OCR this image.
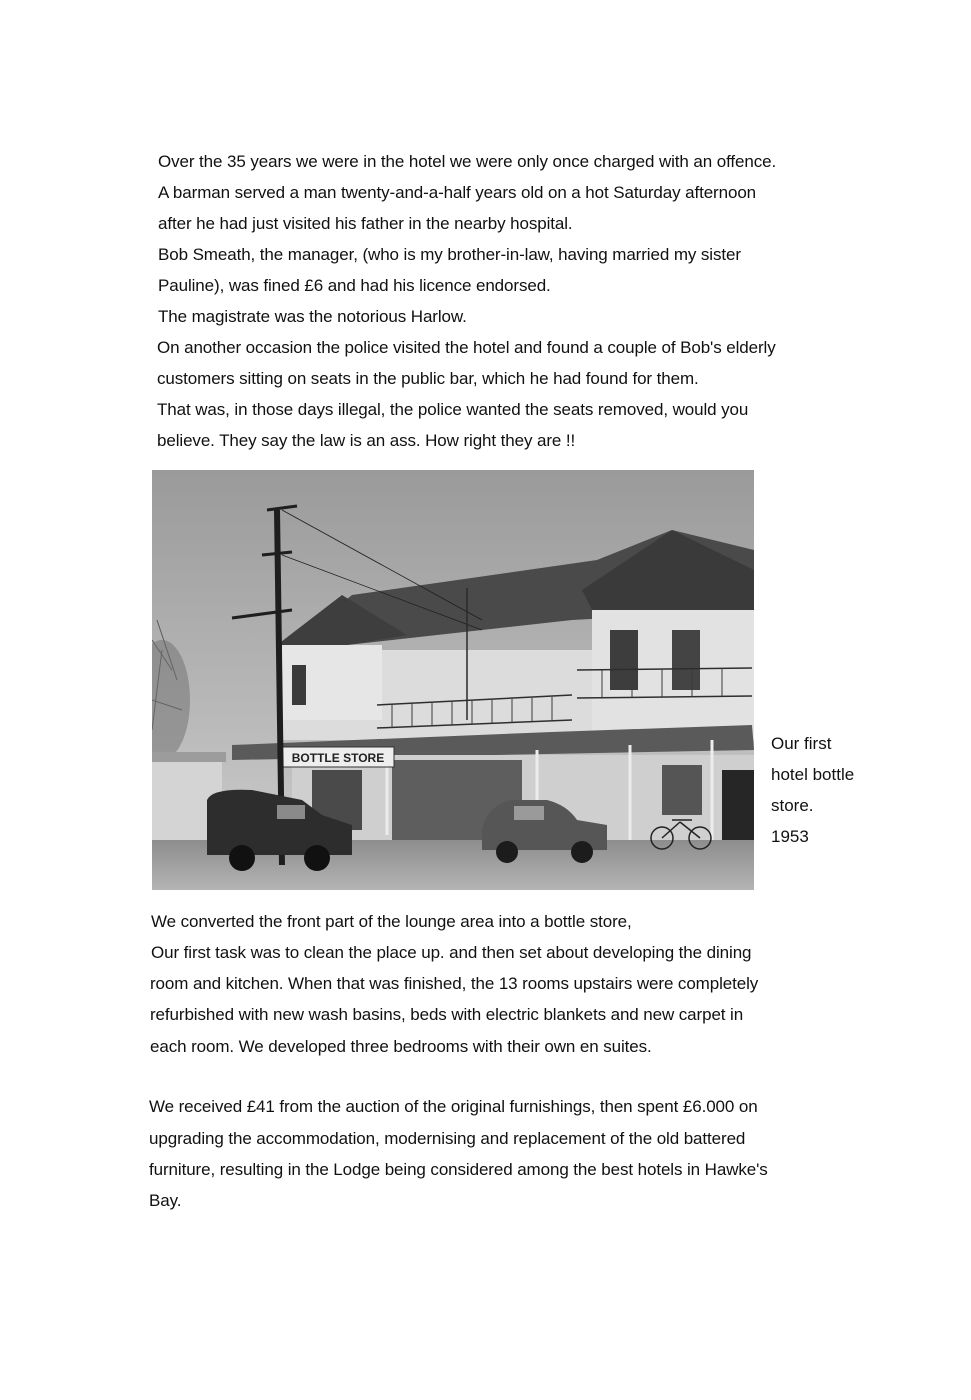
Over the 35 years we were in the hotel we were only once charged with an offence.
A barman served a man twenty-and-a-half years old on a hot Saturday afternoon
after he had just visited his father in the nearby hospital.
Bob Smeath, the manager, (who is my brother-in-law, having married my sister
Pauline), was fined £6 and had his licence endorsed.
The magistrate was the notorious Harlow.
On another occasion the police visited the hotel and found a couple of Bob's elderly
customers sitting on seats in the public bar, which he had found for them.
That was, in those days illegal, the police wanted the seats removed, would you
believe. They say the law is an ass. How right they are !!
BOTTLE STORE
Our first
hotel bottle
store.
1953
We converted the front part of the lounge area into a bottle store,
Our first task was to clean the place up. and then set about developing the dining
room and kitchen. When that was finished, the 13 rooms upstairs were completely
refurbished with new wash basins, beds with electric blankets and new carpet in
each room. We developed three bedrooms with their own en suites.
We received £41 from the auction of the original furnishings, then spent £6.000 on
upgrading the accommodation, modernising and replacement of the old battered
furniture, resulting in the Lodge being considered among the best hotels in Hawke's
Bay.
